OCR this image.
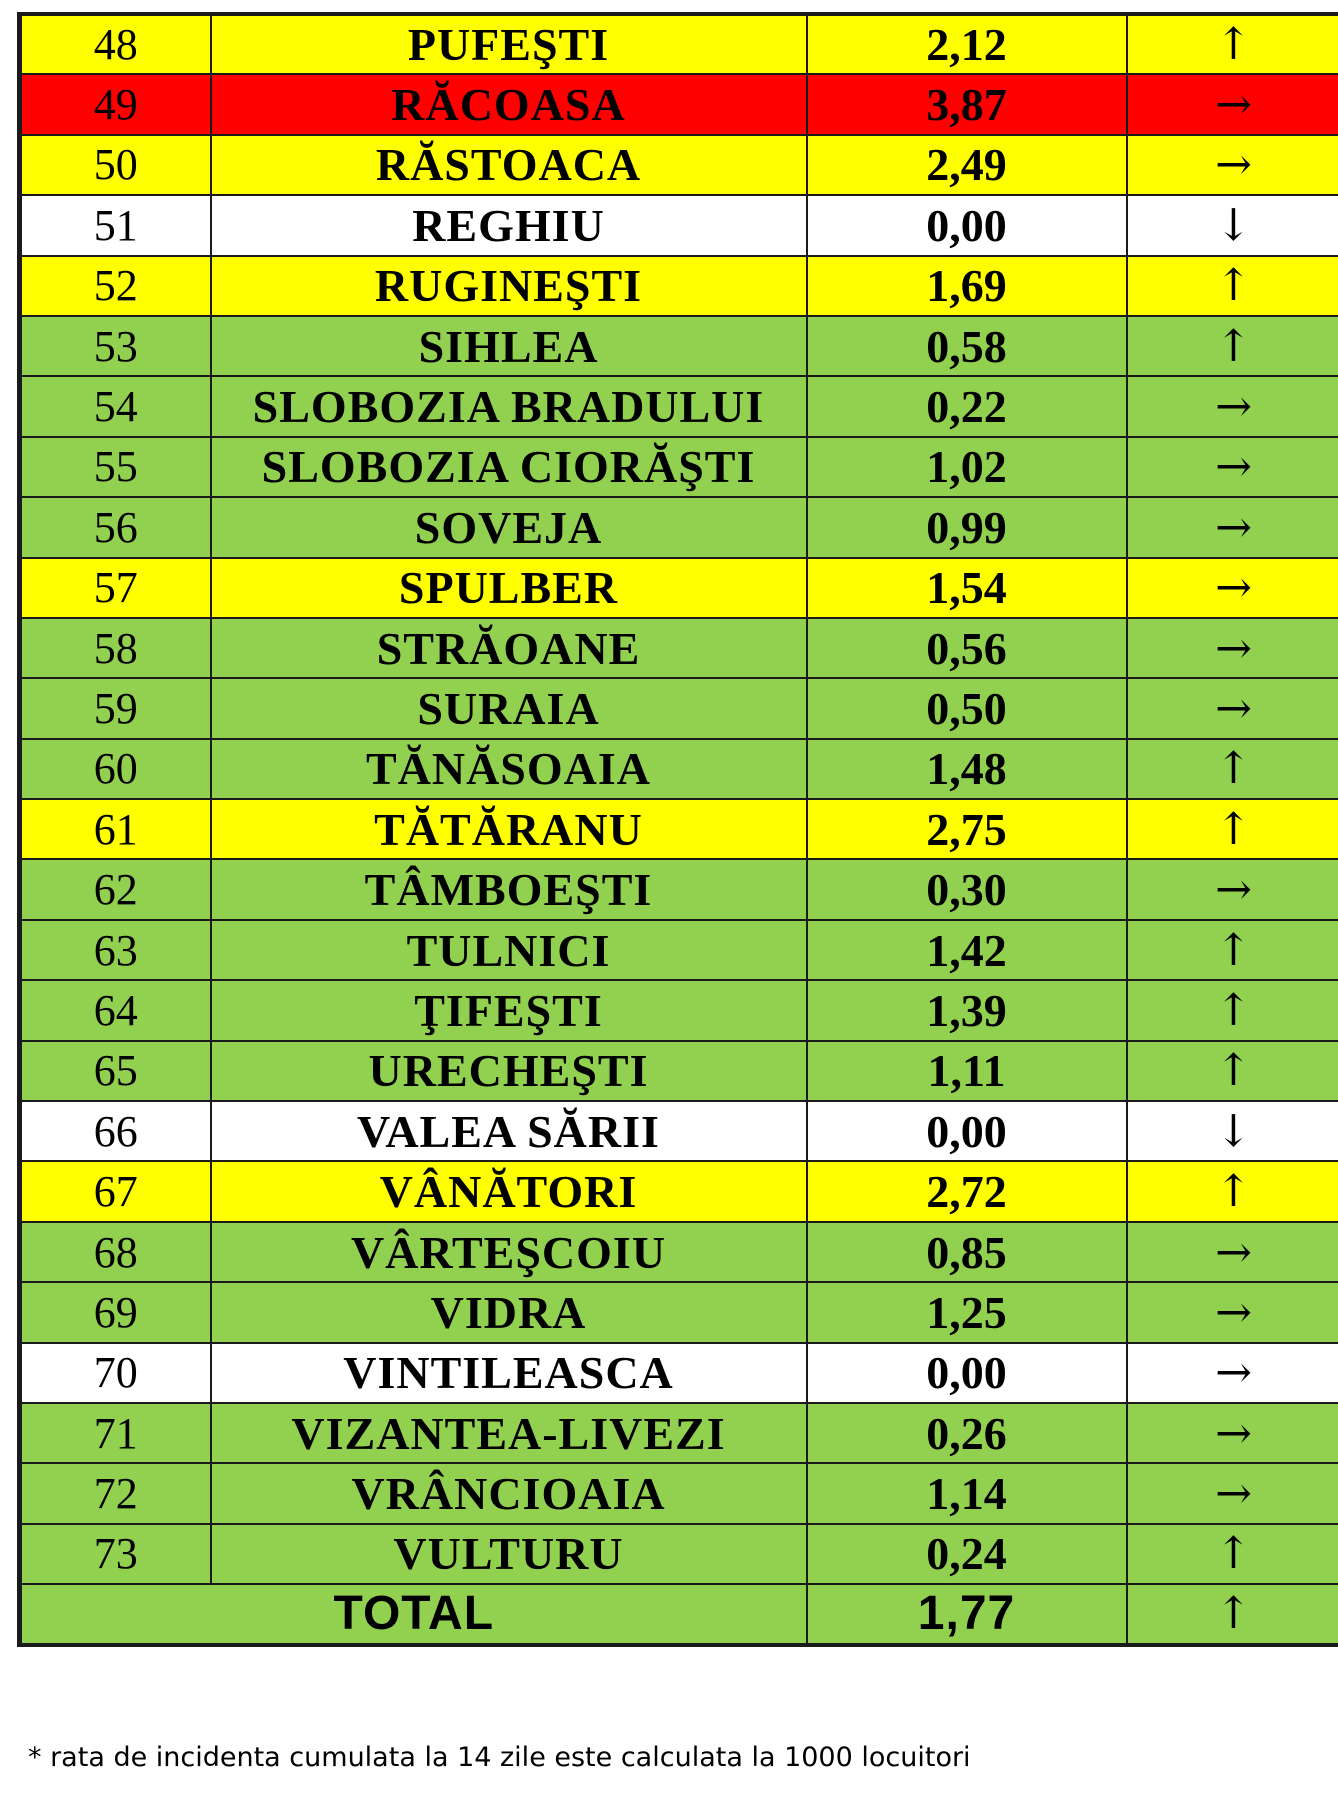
48	PUFEŞTI	2,12	↑
49	RĂCOASA	3,87	→
50	RĂSTOACA	2,49	→
51	REGHIU	0,00	↓
52	RUGINEŞTI	1,69	↑
53	SIHLEA	0,58	↑
54	SLOBOZIA BRADULUI	0,22	→
55	SLOBOZIA CIORĂŞTI	1,02	→
56	SOVEJA	0,99	→
57	SPULBER	1,54	→
58	STRĂOANE	0,56	→
59	SURAIA	0,50	→
60	TĂNĂSOAIA	1,48	↑
61	TĂTĂRANU	2,75	↑
62	TÂMBOEŞTI	0,30	→
63	TULNICI	1,42	↑
64	ŢIFEŞTI	1,39	↑
65	URECHEŞTI	1,11	↑
66	VALEA SĂRII	0,00	↓
67	VÂNĂTORI	2,72	↑
68	VÂRTEŞCOIU	0,85	→
69	VIDRA	1,25	→
70	VINTILEASCA	0,00	→
71	VIZANTEA-LIVEZI	0,26	→
72	VRÂNCIOAIA	1,14	→
73	VULTURU	0,24	↑
TOTAL		1,77	↑
* rata de incidenta cumulata la 14 zile este calculata la 1000 locuitori
